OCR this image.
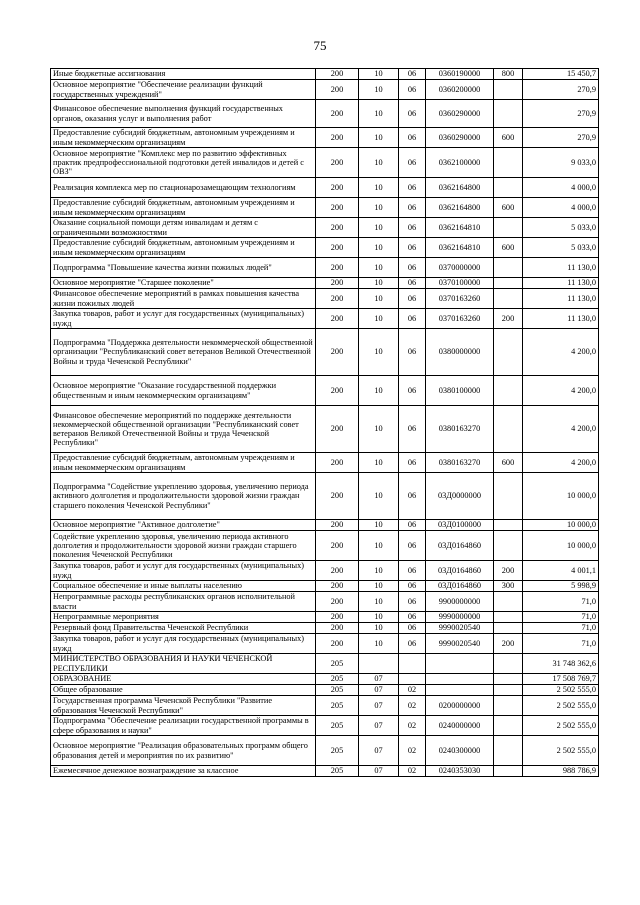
75
Иные бюджетные ассигнования	200	10	06	0360190000	800	15 450,7
Основное мероприятие "Обеспечение реализации функций государственных учреждений"	200	10	06	0360200000		270,9
Финансовое обеспечение выполнения функций государственных органов, оказания услуг и выполнения работ	200	10	06	0360290000		270,9
Предоставление субсидий бюджетным, автономным учреждениям и иным некоммерческим организациям	200	10	06	0360290000	600	270,9
Основное мероприятие "Комплекс мер по развитию эффективных практик предпрофессиональной подготовки детей инвалидов и детей с ОВЗ"	200	10	06	0362100000		9 033,0
Реализация комплекса мер по стационарозамещающим технологиям	200	10	06	0362164800		4 000,0
Предоставление субсидий бюджетным, автономным учреждениям и иным некоммерческим организациям	200	10	06	0362164800	600	4 000,0
Оказание социальной помощи детям инвалидам и детям с ограниченными возможностями	200	10	06	0362164810		5 033,0
Предоставление субсидий бюджетным, автономным учреждениям и иным некоммерческим организациям	200	10	06	0362164810	600	5 033,0
Подпрограмма "Повышение качества жизни пожилых людей"	200	10	06	0370000000		11 130,0
Основное мероприятие "Старшее поколение"	200	10	06	0370100000		11 130,0
Финансовое обеспечение мероприятий в рамках повышения качества жизни пожилых людей	200	10	06	0370163260		11 130,0
Закупка товаров, работ и услуг для государственных (муниципальных) нужд	200	10	06	0370163260	200	11 130,0
Подпрограмма "Поддержка деятельности некоммерческой общественной организации "Республиканский совет ветеранов Великой Отечественной Войны и труда Чеченской Республики"	200	10	06	0380000000		4 200,0
Основное мероприятие "Оказание государственной поддержки общественным и иным некоммерческим организациям"	200	10	06	0380100000		4 200,0
Финансовое обеспечение мероприятий по поддержке деятельности некоммерческой общественной организации "Республиканский совет ветеранов Великой Отечественной Войны и труда Чеченской Республики"	200	10	06	0380163270		4 200,0
Предоставление субсидий бюджетным, автономным учреждениям и иным некоммерческим организациям	200	10	06	0380163270	600	4 200,0
Подпрограмма "Содействие укреплению здоровья, увеличению периода активного долголетия и продолжительности здоровой жизни граждан старшего поколения Чеченской Республики"	200	10	06	03Д0000000		10 000,0
Основное мероприятие "Активное долголетие"	200	10	06	03Д0100000		10 000,0
Содействие укреплению здоровья, увеличению периода активного долголетия и продолжительности здоровой жизни граждан старшего поколения Чеченской Республики	200	10	06	03Д0164860		10 000,0
Закупка товаров, работ и услуг для государственных (муниципальных) нужд	200	10	06	03Д0164860	200	4 001,1
Социальное обеспечение и иные выплаты населению	200	10	06	03Д0164860	300	5 998,9
Непрограммные расходы республиканских органов исполнительной власти	200	10	06	9900000000		71,0
Непрограммные мероприятия	200	10	06	9990000000		71,0
Резервный фонд Правительства Чеченской Республики	200	10	06	9990020540		71,0
Закупка товаров, работ и услуг для государственных (муниципальных) нужд	200	10	06	9990020540	200	71,0
МИНИСТЕРСТВО ОБРАЗОВАНИЯ И НАУКИ ЧЕЧЕНСКОЙ РЕСПУБЛИКИ	205					31 748 362,6
ОБРАЗОВАНИЕ	205	07				17 508 769,7
Общее образование	205	07	02			2 502 555,0
Государственная программа Чеченской Республики "Развитие образования Чеченской Республики"	205	07	02	0200000000		2 502 555,0
Подпрограмма "Обеспечение реализации государственной программы в сфере образования и науки"	205	07	02	0240000000		2 502 555,0
Основное мероприятие "Реализация образовательных программ общего образования детей и мероприятия по их развитию"	205	07	02	0240300000		2 502 555,0
Ежемесячное денежное вознаграждение за классное	205	07	02	0240353030		988 786,9
